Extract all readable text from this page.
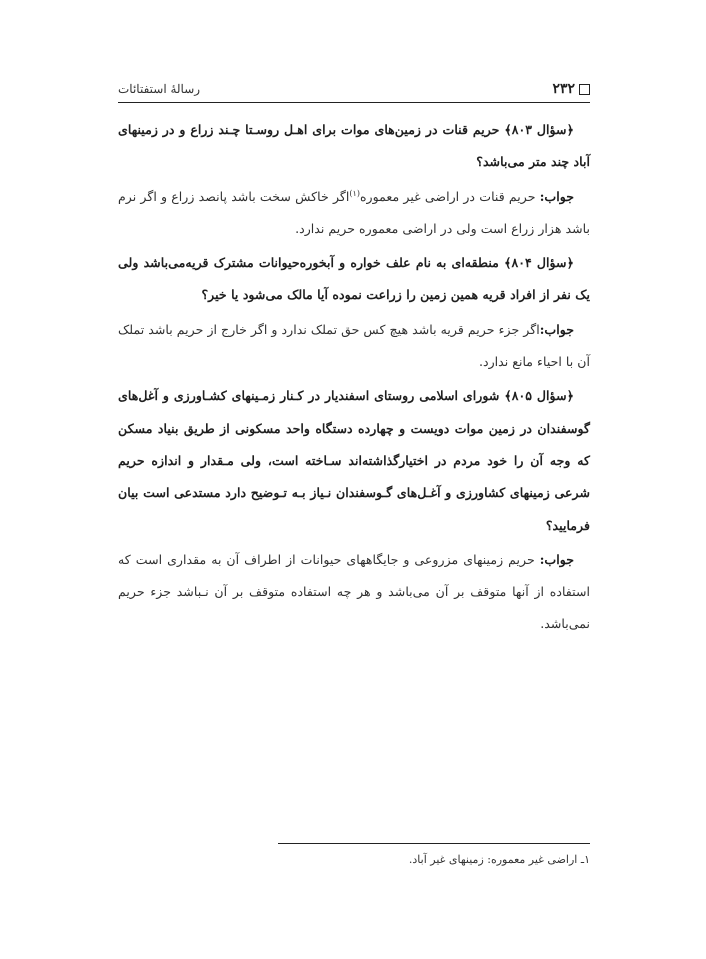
۲۳۲
رسالهٔ استفتائات

﴿سؤال ۸۰۳﴾ حریم قنات در زمین‌های موات برای اهـل روسـتا چـند زراع و در زمینهای آباد چند متر می‌باشد؟

جواب: حریم قنات در اراضی غیر معموره$^{(۱)}$اگر خاکش سخت باشد پانصد زراع و اگر نرم باشد هزار زراع است ولی در اراضی معموره حریم ندارد.

﴿سؤال ۸۰۴﴾ منطقه‌ای به نام علف خواره و آبخوره‌حیوانات مشترک قریه‌می‌باشد ولی یک نفر از افراد قریه همین زمین را زراعت نموده آیا مالک می‌شود یا خیر؟

جواب:اگر جزء حریم قریه باشد هیچ کس حق تملک ندارد و اگر خارج از حریم باشد تملک آن با احیاء مانع ندارد.

﴿سؤال ۸۰۵﴾ شورای اسلامی روستای اسفندیار در کـنار زمـینهای کشـاورزی و آغل‌های گوسفندان در زمین موات دویست و چهارده دستگاه واحد مسکونی از طریق بنیاد مسکن که وجه آن را خود مردم در اختیارگذاشته‌اند سـاخته است، ولی مـقدار و اندازه حریم شرعی زمینهای کشاورزی و آغـل‌های گـوسفندان نـیاز بـه تـوضیح دارد مستدعی است بیان فرمایید؟

جواب: حریم زمینهای مزروعی و جایگاههای حیوانات از اطراف آن به مقداری است که استفاده از آنها متوقف بر آن می‌باشد و هر چه استفاده متوقف بر آن نـباشد جزء حریم نمی‌باشد.

۱ـ اراضی غیر معموره: زمینهای غیر آباد.
